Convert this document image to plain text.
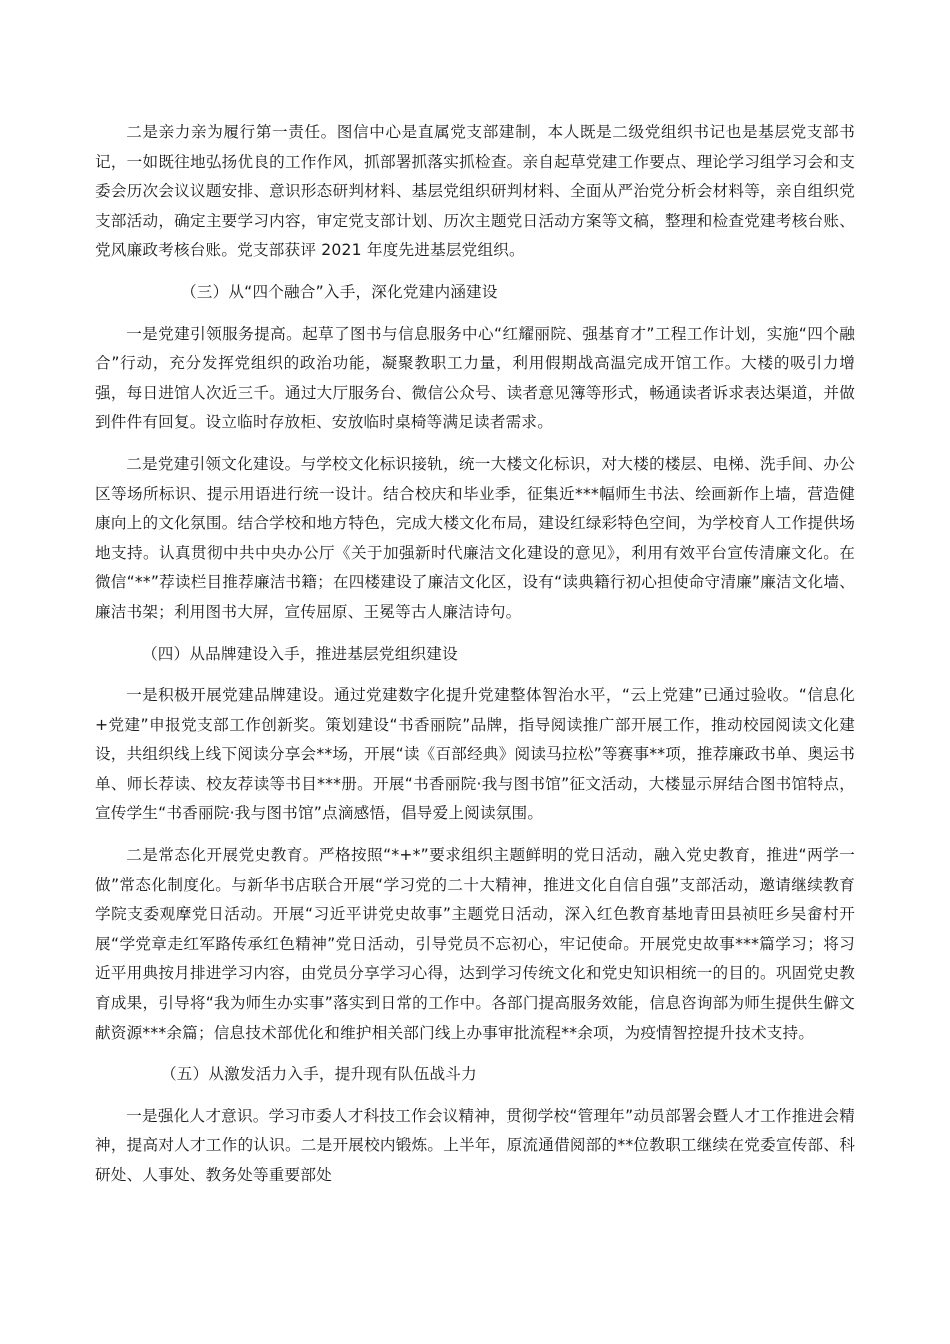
二是亲力亲为履行第一责任。图信中心是直属党支部建制，本人既是二级党组织书记也是基层党支部书记，一如既往地弘扬优良的工作作风，抓部署抓落实抓检查。亲自起草党建工作要点、理论学习组学习会和支委会历次会议议题安排、意识形态研判材料、基层党组织研判材料、全面从严治党分析会材料等，亲自组织党支部活动，确定主要学习内容，审定党支部计划、历次主题党日活动方案等文稿，整理和检查党建考核台账、党风廉政考核台账。党支部获评 2021 年度先进基层党组织。

（三）从“四个融合”入手，深化党建内涵建设

一是党建引领服务提高。起草了图书与信息服务中心“红耀丽院、强基育才”工程工作计划，实施“四个融合”行动，充分发挥党组织的政治功能，凝聚教职工力量，利用假期战高温完成开馆工作。大楼的吸引力增强，每日进馆人次近三千。通过大厅服务台、微信公众号、读者意见簿等形式，畅通读者诉求表达渠道，并做到件件有回复。设立临时存放柜、安放临时桌椅等满足读者需求。

二是党建引领文化建设。与学校文化标识接轨，统一大楼文化标识，对大楼的楼层、电梯、洗手间、办公区等场所标识、提示用语进行统一设计。结合校庆和毕业季，征集近***幅师生书法、绘画新作上墙，营造健康向上的文化氛围。结合学校和地方特色，完成大楼文化布局，建设红绿彩特色空间，为学校育人工作提供场地支持。认真贯彻中共中央办公厅《关于加强新时代廉洁文化建设的意见》，利用有效平台宣传清廉文化。在微信“**”荐读栏目推荐廉洁书籍；在四楼建设了廉洁文化区，设有“读典籍行初心担使命守清廉”廉洁文化墙、廉洁书架；利用图书大屏，宣传屈原、王冕等古人廉洁诗句。

（四）从品牌建设入手，推进基层党组织建设

一是积极开展党建品牌建设。通过党建数字化提升党建整体智治水平，“云上党建”已通过验收。“信息化+党建”申报党支部工作创新奖。策划建设“书香丽院”品牌，指导阅读推广部开展工作，推动校园阅读文化建设，共组织线上线下阅读分享会**场，开展“读《百部经典》阅读马拉松”等赛事**项，推荐廉政书单、奥运书单、师长荐读、校友荐读等书目***册。开展“书香丽院·我与图书馆”征文活动，大楼显示屏结合图书馆特点，宣传学生“书香丽院·我与图书馆”点滴感悟，倡导爱上阅读氛围。

二是常态化开展党史教育。严格按照“*+*”要求组织主题鲜明的党日活动，融入党史教育，推进“两学一做”常态化制度化。与新华书店联合开展“学习党的二十大精神，推进文化自信自强”支部活动，邀请继续教育学院支委观摩党日活动。开展“习近平讲党史故事”主题党日活动，深入红色教育基地青田县祯旺乡吴畲村开展“学党章走红军路传承红色精神”党日活动，引导党员不忘初心，牢记使命。开展党史故事***篇学习；将习近平用典按月排进学习内容，由党员分享学习心得，达到学习传统文化和党史知识相统一的目的。巩固党史教育成果，引导将“我为师生办实事”落实到日常的工作中。各部门提高服务效能，信息咨询部为师生提供生僻文献资源***余篇；信息技术部优化和维护相关部门线上办事审批流程**余项，为疫情智控提升技术支持。

（五）从激发活力入手，提升现有队伍战斗力

一是强化人才意识。学习市委人才科技工作会议精神，贯彻学校“管理年”动员部署会暨人才工作推进会精神，提高对人才工作的认识。二是开展校内锻炼。上半年，原流通借阅部的**位教职工继续在党委宣传部、科研处、人事处、教务处等重要部处
